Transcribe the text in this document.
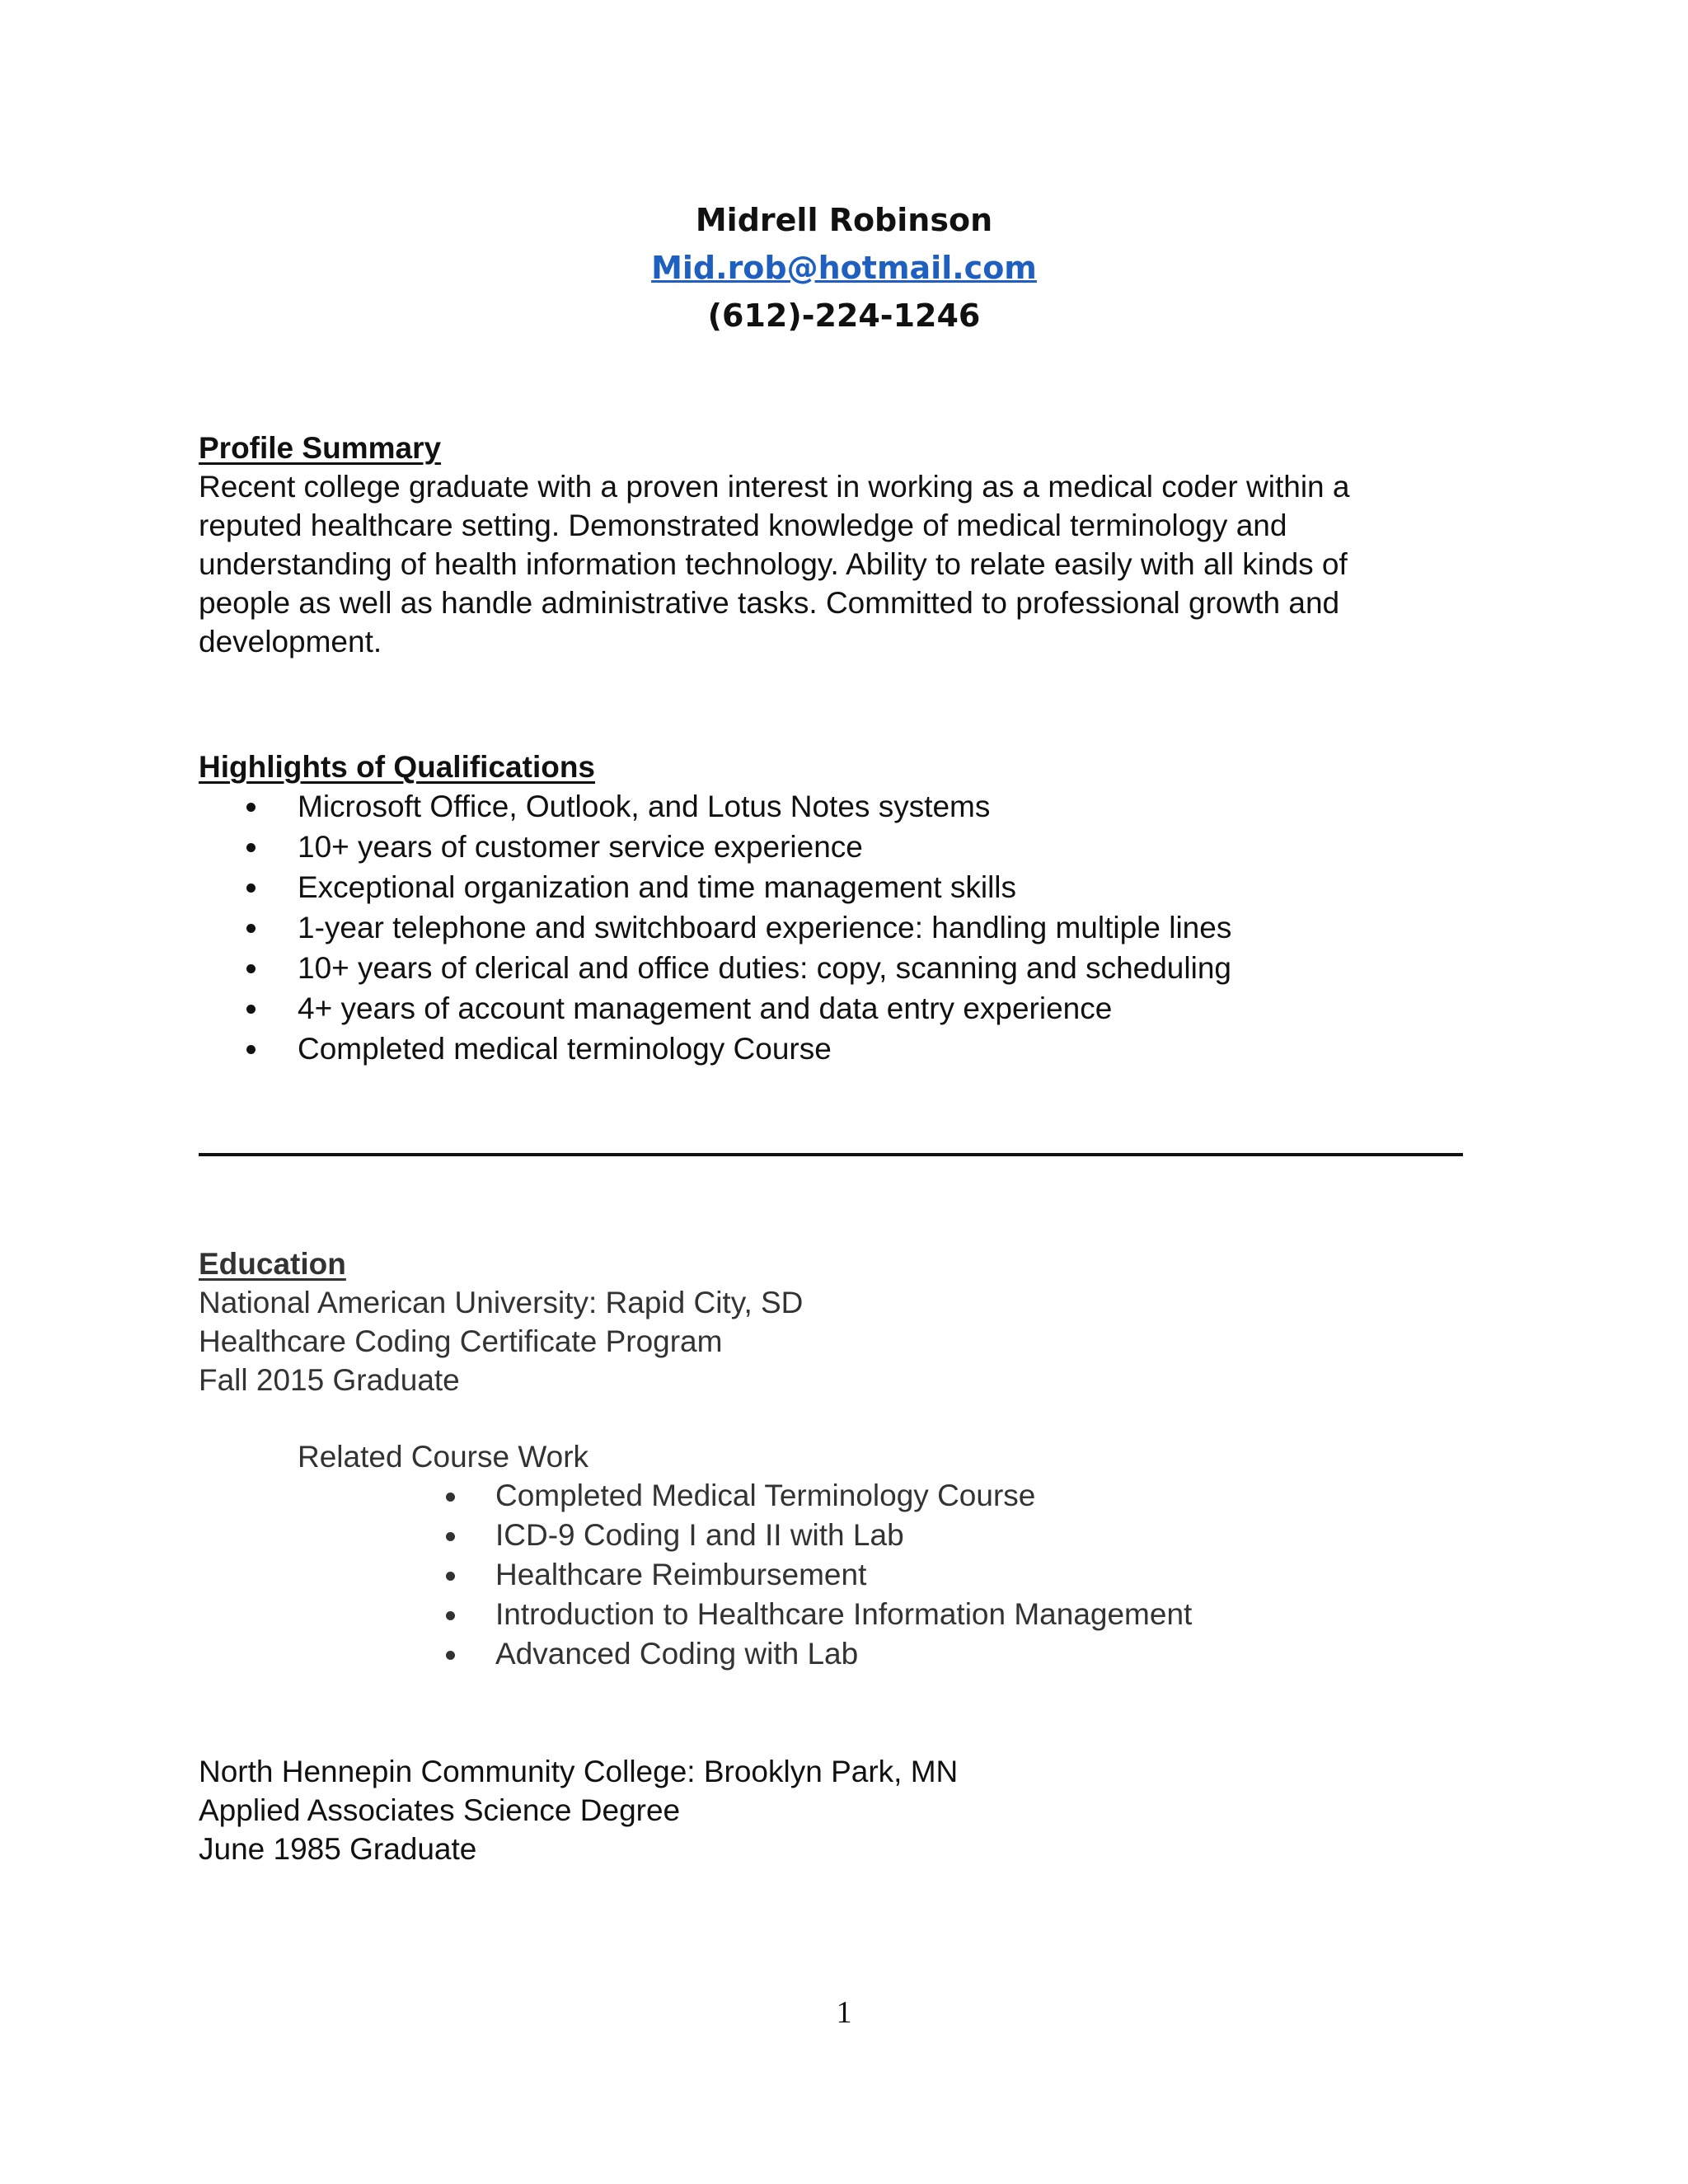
Midrell Robinson
Mid.rob@hotmail.com
(612)-224-1246
Profile Summary
Recent college graduate with a proven interest in working as a medical coder within a
reputed healthcare setting. Demonstrated knowledge of medical terminology and
understanding of health information technology. Ability to relate easily with all kinds of
people as well as handle administrative tasks. Committed to professional growth and
development.
Highlights of Qualifications
Microsoft Office, Outlook, and Lotus Notes systems
10+ years of customer service experience
Exceptional organization and time management skills
1-year telephone and switchboard experience: handling multiple lines
10+ years of clerical and office duties: copy, scanning and scheduling
4+ years of account management and data entry experience
Completed medical terminology Course
Education
National American University: Rapid City, SD
Healthcare Coding Certificate Program
Fall 2015 Graduate
Related Course Work
Completed Medical Terminology Course
ICD-9 Coding I and II with Lab
Healthcare Reimbursement
Introduction to Healthcare Information Management
Advanced Coding with Lab
North Hennepin Community College: Brooklyn Park, MN
Applied Associates Science Degree
June 1985 Graduate
1
